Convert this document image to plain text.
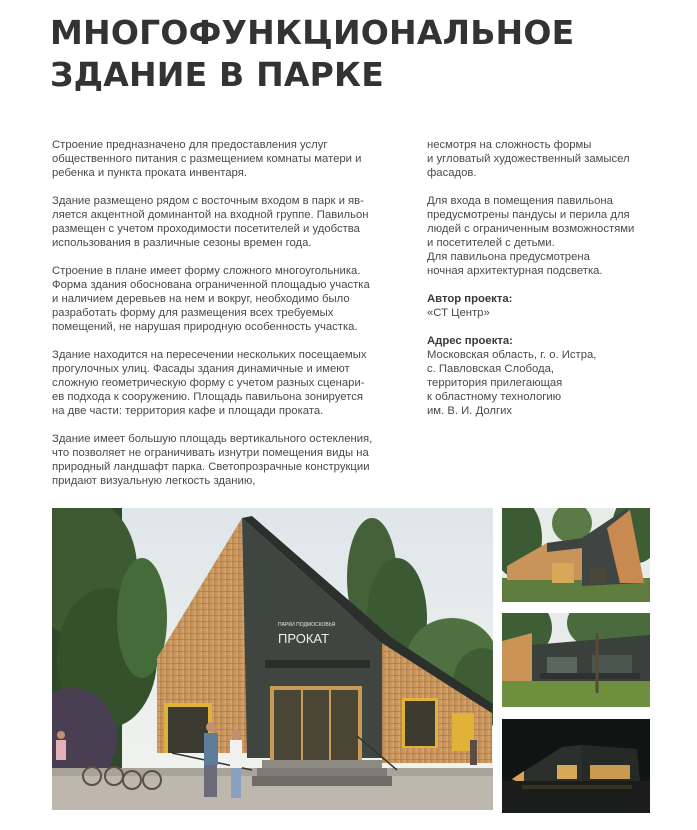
МНОГОФУНКЦИОНАЛЬНОЕ
ЗДАНИЕ В ПАРКЕ

Строение предназначено для предоставления услуг
общественного питания с размещением комнаты матери и
ребенка и пункта проката инвентаря.

Здание размещено рядом с восточным входом в парк и яв-
ляется акцентной доминантой на входной группе. Павильон
размещен с учетом проходимости посетителей и удобства
использования в различные сезоны времен года.

Строение в плане имеет форму сложного многоугольника.
Форма здания обоснована ограниченной площадью участка
и наличием деревьев на нем и вокруг, необходимо было
разработать форму для размещения всех требуемых
помещений, не нарушая природную особенность участка.

Здание находится на пересечении нескольких посещаемых
прогулочных улиц. Фасады здания динамичные и имеют
сложную геометрическую форму с учетом разных сценари-
ев подхода к сооружению. Площадь павильона зонируется
на две части: территория кафе и площади проката.

Здание имеет большую площадь вертикального остекления,
что позволяет не ограничивать изнутри помещения виды на
природный ландшафт парка. Светопрозрачные конструкции
придают визуальную легкость зданию,

несмотря на сложность формы
и угловатый художественный замысел
фасадов.

Для входа в помещения павильона
предусмотрены пандусы и перила для
людей с ограниченным возможностями
и посетителей с детьми.
Для павильона предусмотрена
ночная архитектурная подсветка.

Автор проекта:
«СТ Центр»

Адрес проекта:
Московская область, г. о. Истра,
с. Павловская Слобода,
территория прилегающая
к областному технологию
им. В. И. Долгих

ПАРКИ ПОДМОСКОВЬЯ
ПРОКАТ
